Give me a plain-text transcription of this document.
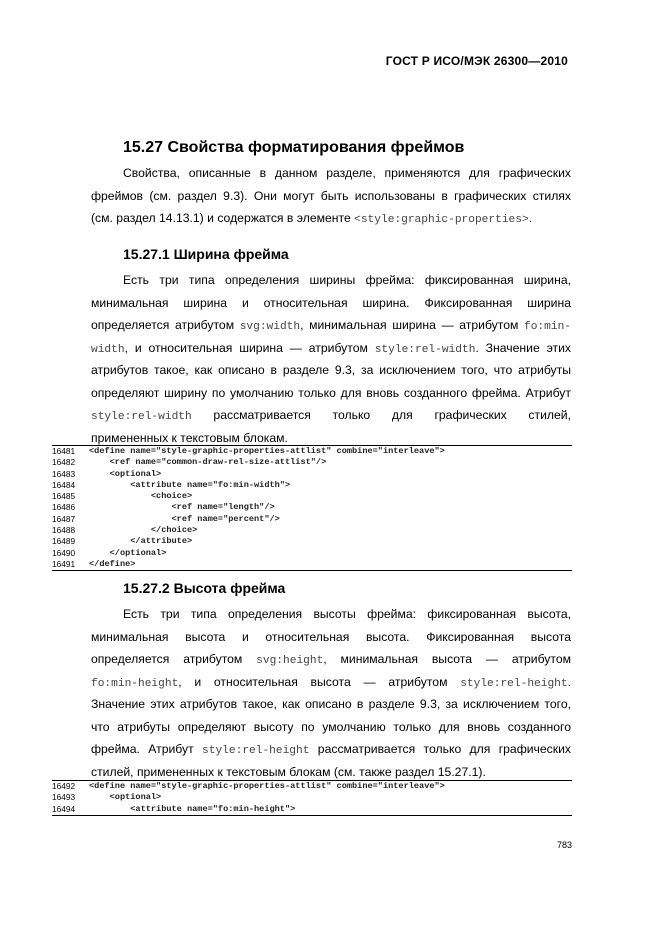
ГОСТ Р ИСО/МЭК 26300—2010
15.27 Свойства форматирования фреймов
Свойства, описанные в данном разделе, применяются для графических
фреймов (см. раздел 9.3). Они могут быть использованы в графических стилях
(см. раздел 14.13.1) и содержатся в элементе <style:graphic-properties>.
15.27.1 Ширина фрейма
Есть три типа определения ширины фрейма: фиксированная ширина,
минимальная ширина и относительная ширина. Фиксированная ширина
определяется атрибутом svg:width, минимальная ширина — атрибутом fo:min-
width, и относительная ширина — атрибутом style:rel-width. Значение этих
атрибутов такое, как описано в разделе 9.3, за исключением того, что атрибуты
определяют ширину по умолчанию только для вновь созданного фрейма. Атрибут
style:rel-width рассматривается только для графических стилей,
примененных к текстовым блокам.
16481	<define name="style-graphic-properties-attlist" combine="interleave">
16482	<ref name="common-draw-rel-size-attlist"/>
16483	<optional>
16484	<attribute name="fo:min-width">
16485	<choice>
16486	<ref name="length"/>
16487	<ref name="percent"/>
16488	</choice>
16489	</attribute>
16490	</optional>
16491	</define>
15.27.2 Высота фрейма
Есть три типа определения высоты фрейма: фиксированная высота,
минимальная высота и относительная высота. Фиксированная высота
определяется атрибутом svg:height, минимальная высота — атрибутом
fo:min-height, и относительная высота — атрибутом style:rel-height.
Значение этих атрибутов такое, как описано в разделе 9.3, за исключением того,
что атрибуты определяют высоту по умолчанию только для вновь созданного
фрейма. Атрибут style:rel-height рассматривается только для графических
стилей, примененных к текстовым блокам (см. также раздел 15.27.1).
16492	<define name="style-graphic-properties-attlist" combine="interleave">
16493	<optional>
16494	<attribute name="fo:min-height">
783
